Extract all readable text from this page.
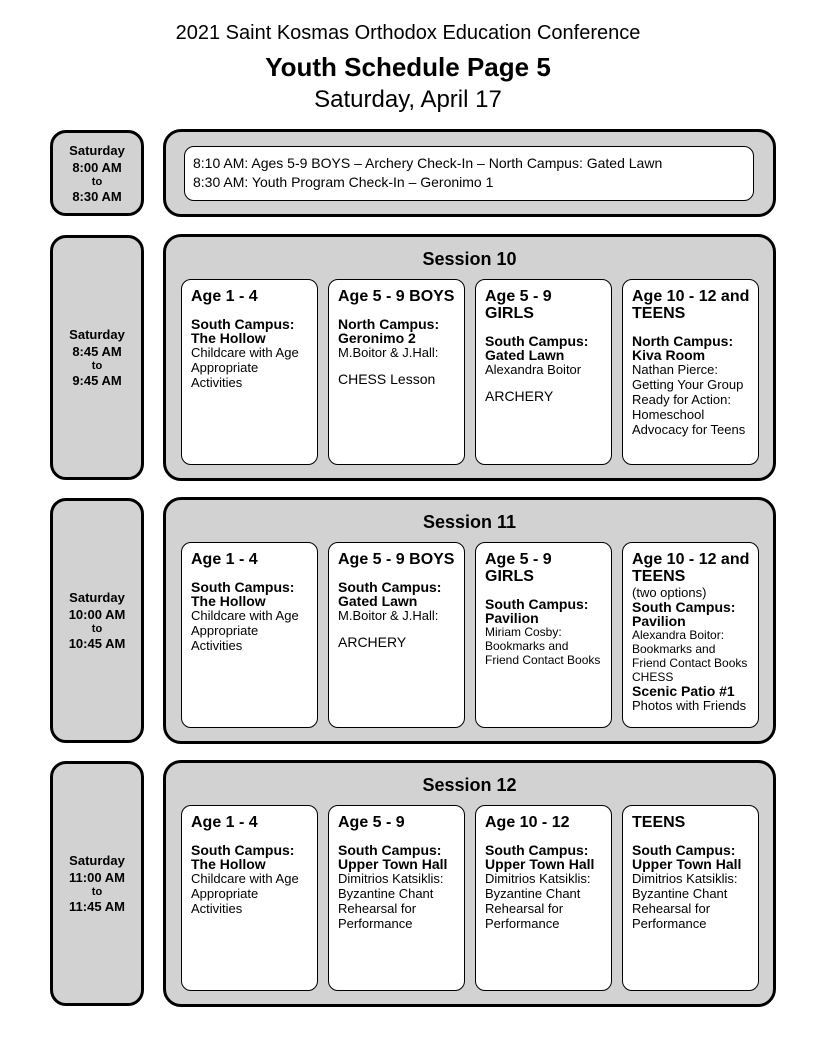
2021 Saint Kosmas Orthodox Education Conference
Youth Schedule Page 5
Saturday, April 17
Saturday
8:00 AM
to
8:30 AM
8:10 AM: Ages 5-9 BOYS – Archery Check-In – North Campus: Gated Lawn
8:30 AM: Youth Program Check-In – Geronimo 1
Saturday
8:45 AM
to
9:45 AM
Session 10
Age 1 - 4
South Campus: The Hollow
Childcare with Age Appropriate Activities
Age 5 - 9 BOYS
North Campus: Geronimo 2
M.Boitor & J.Hall:
CHESS Lesson
Age 5 - 9 GIRLS
South Campus: Gated Lawn
Alexandra Boitor
ARCHERY
Age 10 - 12 and TEENS
North Campus: Kiva Room
Nathan Pierce: Getting Your Group Ready for Action: Homeschool Advocacy for Teens
Saturday
10:00 AM
to
10:45 AM
Session 11
Age 1 - 4
South Campus: The Hollow
Childcare with Age Appropriate Activities
Age 5 - 9 BOYS
South Campus: Gated Lawn
M.Boitor & J.Hall:
ARCHERY
Age 5 - 9 GIRLS
South Campus: Pavilion
Miriam Cosby: Bookmarks and Friend Contact Books
Age 10 - 12 and TEENS
(two options)
South Campus: Pavilion
Alexandra Boitor: Bookmarks and Friend Contact Books
CHESS
Scenic Patio #1
Photos with Friends
Saturday
11:00 AM
to
11:45 AM
Session 12
Age 1 - 4
South Campus: The Hollow
Childcare with Age Appropriate Activities
Age 5 - 9
South Campus: Upper Town Hall
Dimitrios Katsiklis: Byzantine Chant Rehearsal for Performance
Age 10 - 12
South Campus: Upper Town Hall
Dimitrios Katsiklis: Byzantine Chant Rehearsal for Performance
TEENS
South Campus: Upper Town Hall
Dimitrios Katsiklis: Byzantine Chant Rehearsal for Performance
